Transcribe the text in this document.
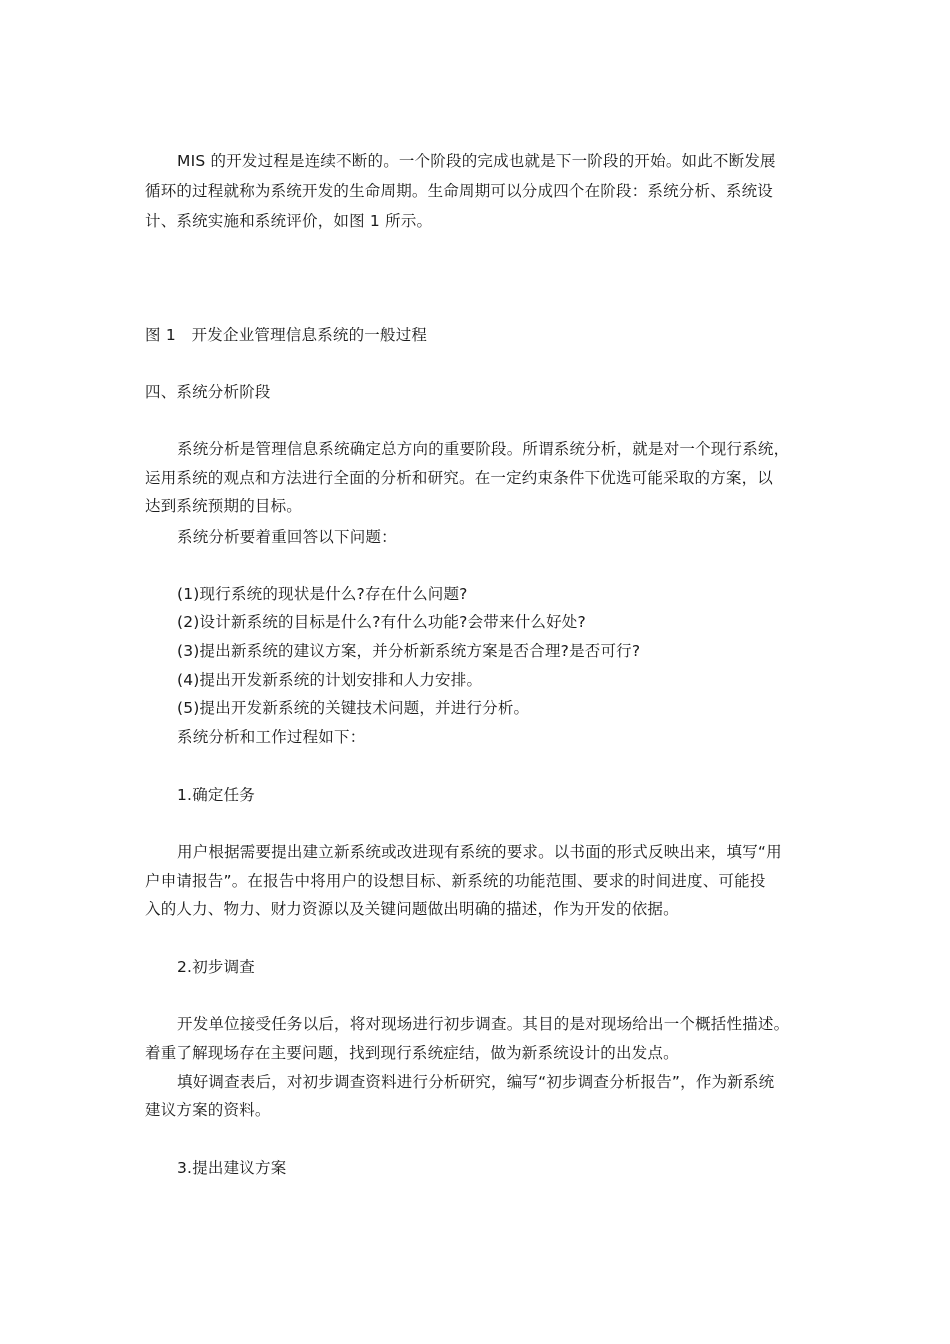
MIS 的开发过程是连续不断的。一个阶段的完成也就是下一阶段的开始。如此不断发展
循环的过程就称为系统开发的生命周期。生命周期可以分成四个在阶段：系统分析、系统设
计、系统实施和系统评价，如图 1 所示。
图 1　开发企业管理信息系统的一般过程
四、系统分析阶段
系统分析是管理信息系统确定总方向的重要阶段。所谓系统分析，就是对一个现行系统，
运用系统的观点和方法进行全面的分析和研究。在一定约束条件下优选可能采取的方案，以
达到系统预期的目标。
系统分析要着重回答以下问题：
(1)现行系统的现状是什么?存在什么问题?
(2)设计新系统的目标是什么?有什么功能?会带来什么好处?
(3)提出新系统的建议方案，并分析新系统方案是否合理?是否可行?
(4)提出开发新系统的计划安排和人力安排。
(5)提出开发新系统的关键技术问题，并进行分析。
系统分析和工作过程如下：
1.确定任务
用户根据需要提出建立新系统或改进现有系统的要求。以书面的形式反映出来，填写“用
户申请报告”。在报告中将用户的设想目标、新系统的功能范围、要求的时间进度、可能投
入的人力、物力、财力资源以及关键问题做出明确的描述，作为开发的依据。
2.初步调查
开发单位接受任务以后，将对现场进行初步调查。其目的是对现场给出一个概括性描述。
着重了解现场存在主要问题，找到现行系统症结，做为新系统设计的出发点。
填好调查表后，对初步调查资料进行分析研究，编写“初步调查分析报告”，作为新系统
建议方案的资料。
3.提出建议方案
